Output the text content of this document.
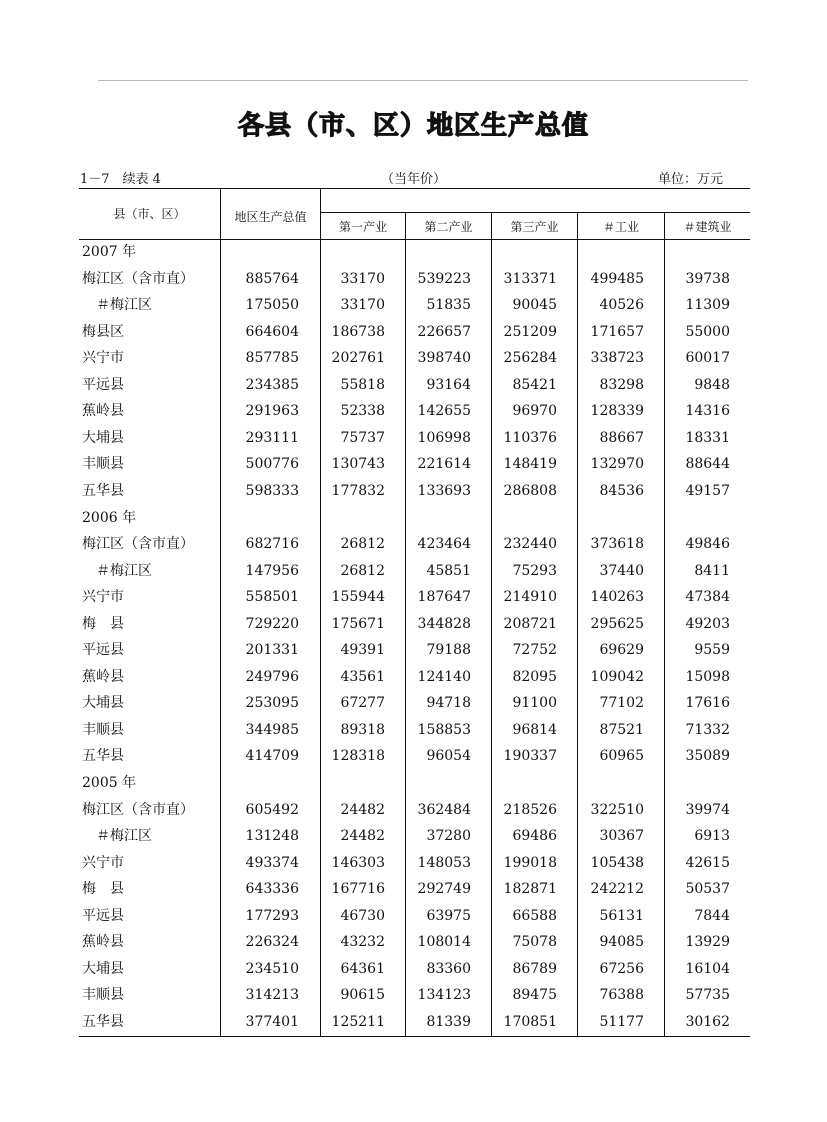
各县（市、区）地区生产总值
1－7　续表 4	（当年价）	单位：万元
县（市、区）	地区生产总值
第一产业	第二产业	第三产业	＃工业	＃建筑业
2007 年
梅江区（含市直）	885764	33170	539223	313371	499485	39738
　＃梅江区	175050	33170	51835	90045	40526	11309
梅县区	664604	186738	226657	251209	171657	55000
兴宁市	857785	202761	398740	256284	338723	60017
平远县	234385	55818	93164	85421	83298	9848
蕉岭县	291963	52338	142655	96970	128339	14316
大埔县	293111	75737	106998	110376	88667	18331
丰顺县	500776	130743	221614	148419	132970	88644
五华县	598333	177832	133693	286808	84536	49157
2006 年
梅江区（含市直）	682716	26812	423464	232440	373618	49846
　＃梅江区	147956	26812	45851	75293	37440	8411
兴宁市	558501	155944	187647	214910	140263	47384
梅　县	729220	175671	344828	208721	295625	49203
平远县	201331	49391	79188	72752	69629	9559
蕉岭县	249796	43561	124140	82095	109042	15098
大埔县	253095	67277	94718	91100	77102	17616
丰顺县	344985	89318	158853	96814	87521	71332
五华县	414709	128318	96054	190337	60965	35089
2005 年
梅江区（含市直）	605492	24482	362484	218526	322510	39974
　＃梅江区	131248	24482	37280	69486	30367	6913
兴宁市	493374	146303	148053	199018	105438	42615
梅　县	643336	167716	292749	182871	242212	50537
平远县	177293	46730	63975	66588	56131	7844
蕉岭县	226324	43232	108014	75078	94085	13929
大埔县	234510	64361	83360	86789	67256	16104
丰顺县	314213	90615	134123	89475	76388	57735
五华县	377401	125211	81339	170851	51177	30162
